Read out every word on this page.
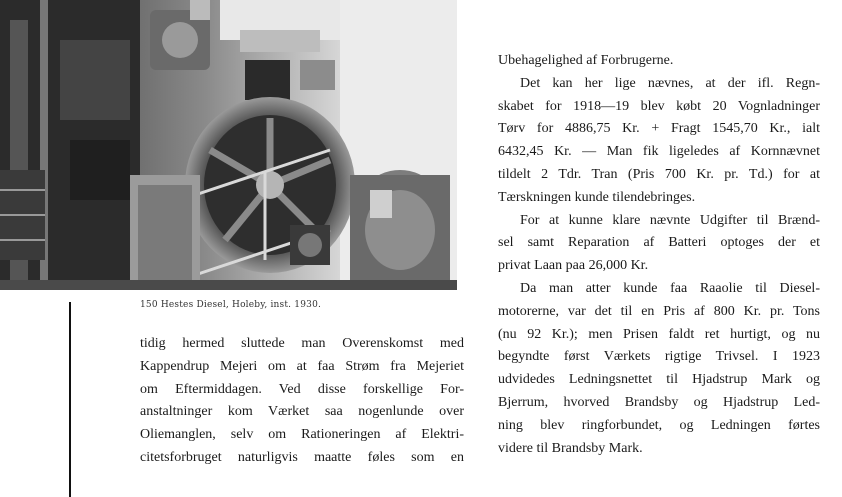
150 Hestes Diesel, Holeby, inst. 1930.

tidig hermed sluttede man Overenskomst med
Kappendrup Mejeri om at faa Strøm fra Mejeriet
om Eftermiddagen. Ved disse forskellige For-
anstaltninger kom Værket saa nogenlunde over
Oliemanglen, selv om Rationeringen af Elektri-
citetsforbruget naturligvis maatte føles som en

Ubehagelighed af Forbrugerne.

Det kan her lige nævnes, at der ifl. Regn-
skabet for 1918—19 blev købt 20 Vognladninger
Tørv for 4886,75 Kr. + Fragt 1545,70 Kr., ialt
6432,45 Kr. — Man fik ligeledes af Kornnævnet
tildelt 2 Tdr. Tran (Pris 700 Kr. pr. Td.) for at
Tærskningen kunde tilendebringes.

For at kunne klare nævnte Udgifter til Brænd-
sel samt Reparation af Batteri optoges der et
privat Laan paa 26,000 Kr.

Da man atter kunde faa Raaolie til Diesel-
motorerne, var det til en Pris af 800 Kr. pr. Tons
(nu 92 Kr.); men Prisen faldt ret hurtigt, og nu
begyndte først Værkets rigtige Trivsel. I 1923
udvidedes Ledningsnettet til Hjadstrup Mark og
Bjerrum, hvorved Brandsby og Hjadstrup Led-
ning blev ringforbundet, og Ledningen førtes
videre til Brandsby Mark.
